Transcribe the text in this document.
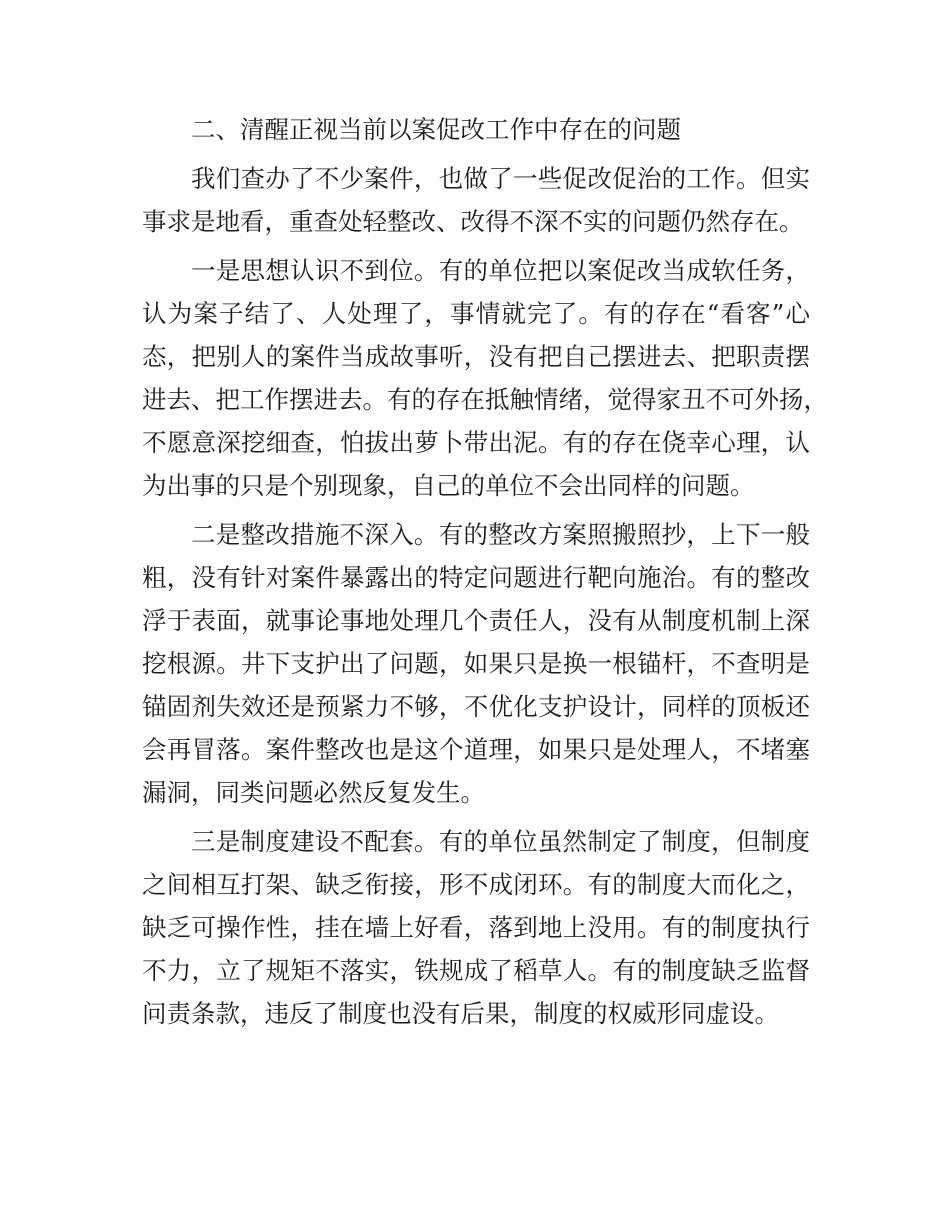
二、清醒正视当前以案促改工作中存在的问题
我们查办了不少案件，也做了一些促改促治的工作。但实
事求是地看，重查处轻整改、改得不深不实的问题仍然存在。
一是思想认识不到位。有的单位把以案促改当成软任务，
认为案子结了、人处理了，事情就完了。有的存在“看客”心
态，把别人的案件当成故事听，没有把自己摆进去、把职责摆
进去、把工作摆进去。有的存在抵触情绪，觉得家丑不可外扬，
不愿意深挖细查，怕拔出萝卜带出泥。有的存在侥幸心理，认
为出事的只是个别现象，自己的单位不会出同样的问题。
二是整改措施不深入。有的整改方案照搬照抄，上下一般
粗，没有针对案件暴露出的特定问题进行靶向施治。有的整改
浮于表面，就事论事地处理几个责任人，没有从制度机制上深
挖根源。井下支护出了问题，如果只是换一根锚杆，不查明是
锚固剂失效还是预紧力不够，不优化支护设计，同样的顶板还
会再冒落。案件整改也是这个道理，如果只是处理人，不堵塞
漏洞，同类问题必然反复发生。
三是制度建设不配套。有的单位虽然制定了制度，但制度
之间相互打架、缺乏衔接，形不成闭环。有的制度大而化之，
缺乏可操作性，挂在墙上好看，落到地上没用。有的制度执行
不力，立了规矩不落实，铁规成了稻草人。有的制度缺乏监督
问责条款，违反了制度也没有后果，制度的权威形同虚设。
